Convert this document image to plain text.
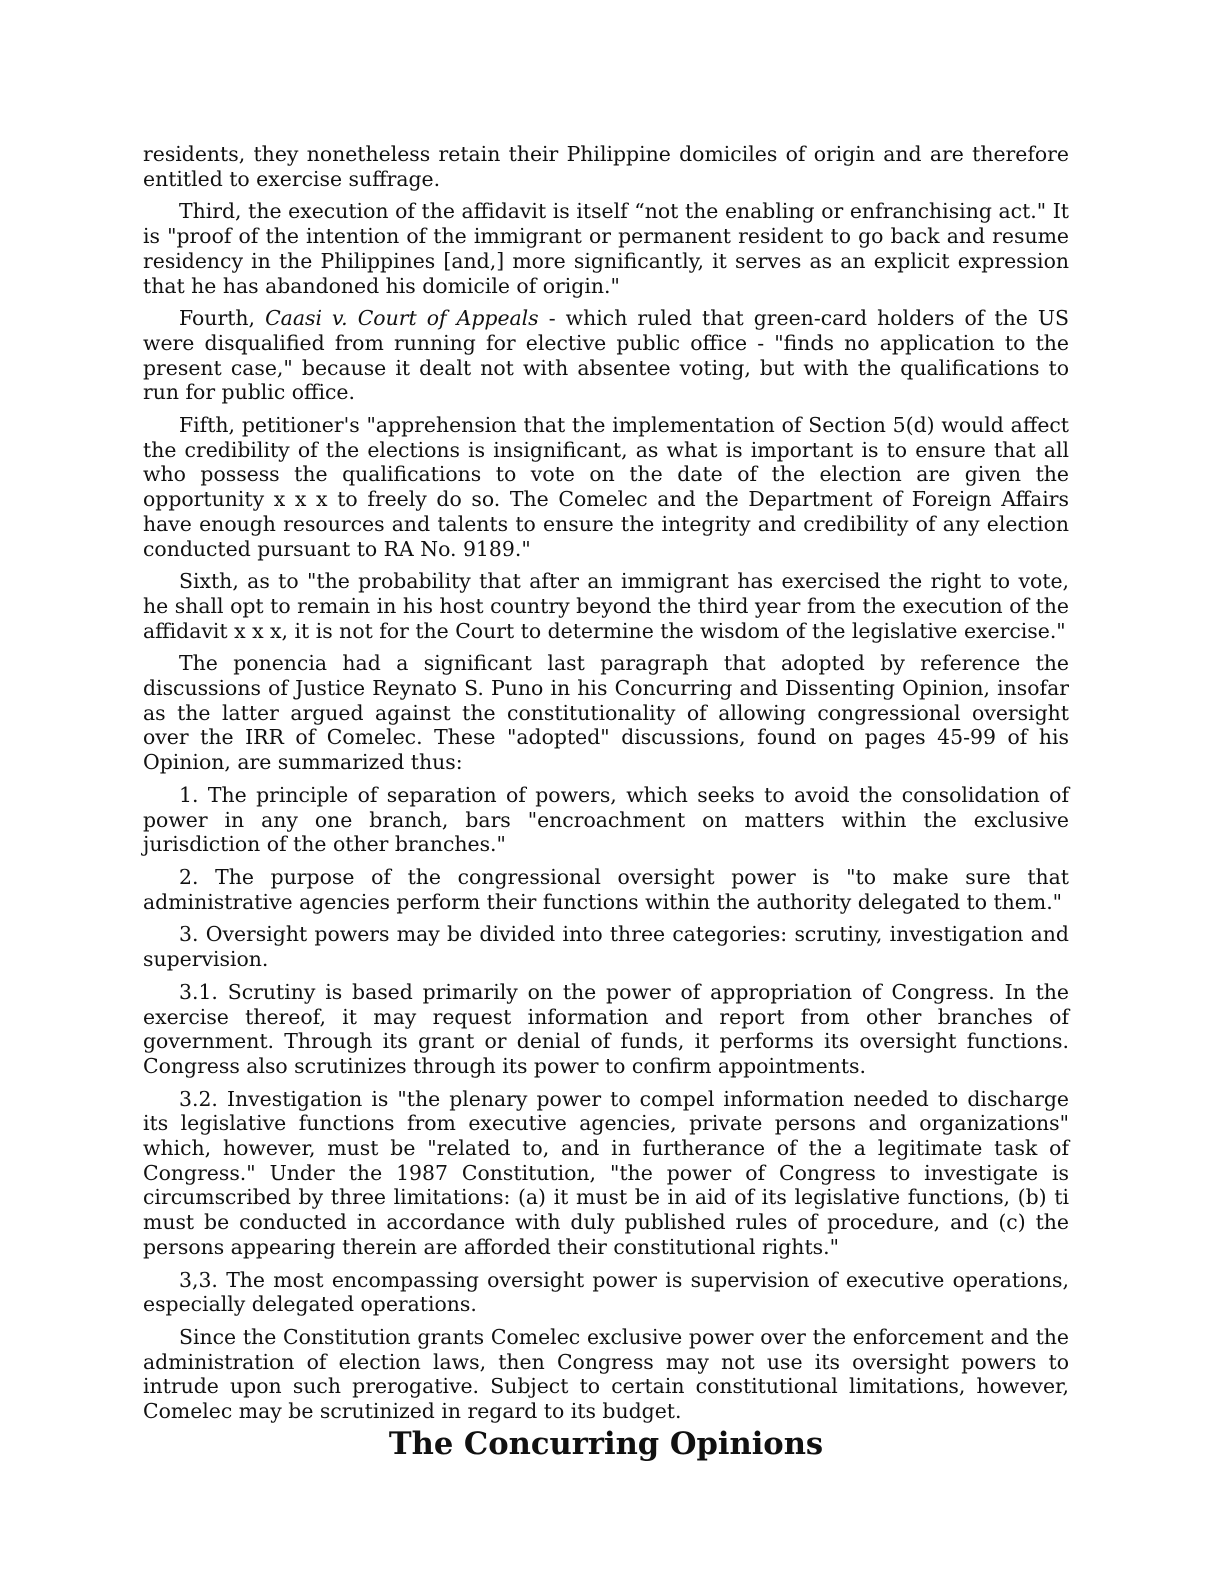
residents, they nonetheless retain their Philippine domiciles of origin and are therefore entitled to exercise suffrage.

Third, the execution of the affidavit is itself “not the enabling or enfranchising act." It is "proof of the intention of the immigrant or permanent resident to go back and resume residency in the Philippines [and,] more significantly, it serves as an explicit expression that he has abandoned his domicile of origin."

Fourth, Caasi v. Court of Appeals - which ruled that green-card holders of the US were disqualified from running for elective public office - "finds no application to the present case," because it dealt not with absentee voting, but with the qualifications to run for public office.

Fifth, petitioner's "apprehension that the implementation of Section 5(d) would affect the credibility of the elections is insignificant, as what is important is to ensure that all who possess the qualifications to vote on the date of the election are given the opportunity x x x to freely do so. The Comelec and the Department of Foreign Affairs have enough resources and talents to ensure the integrity and credibility of any election conducted pursuant to RA No. 9189."

Sixth, as to "the probability that after an immigrant has exercised the right to vote, he shall opt to remain in his host country beyond the third year from the execution of the affidavit x x x, it is not for the Court to determine the wisdom of the legislative exercise."

The ponencia had a significant last paragraph that adopted by reference the discussions of Justice Reynato S. Puno in his Concurring and Dissenting Opinion, insofar as the latter argued against the constitutionality of allowing congressional oversight over the IRR of Comelec. These "adopted" discussions, found on pages 45-99 of his Opinion, are summarized thus:

1. The principle of separation of powers, which seeks to avoid the consolidation of power in any one branch, bars "encroachment on matters within the exclusive jurisdiction of the other branches."

2. The purpose of the congressional oversight power is "to make sure that administrative agencies perform their functions within the authority delegated to them."

3. Oversight powers may be divided into three categories: scrutiny, investigation and supervision.

3.1. Scrutiny is based primarily on the power of appropriation of Congress. In the exercise thereof, it may request information and report from other branches of government. Through its grant or denial of funds, it performs its oversight functions. Congress also scrutinizes through its power to confirm appointments.

3.2. Investigation is "the plenary power to compel information needed to discharge its legislative functions from executive agencies, private persons and organizations" which, however, must be "related to, and in furtherance of the a legitimate task of Congress." Under the 1987 Constitution, "the power of Congress to investigate is circumscribed by three limitations: (a) it must be in aid of its legislative functions, (b) ti must be conducted in accordance with duly published rules of procedure, and (c) the persons appearing therein are afforded their constitutional rights."

3,3. The most encompassing oversight power is supervision of executive operations, especially delegated operations.

Since the Constitution grants Comelec exclusive power over the enforcement and the administration of election laws, then Congress may not use its oversight powers to intrude upon such prerogative. Subject to certain constitutional limitations, however, Comelec may be scrutinized in regard to its budget.

The Concurring Opinions
